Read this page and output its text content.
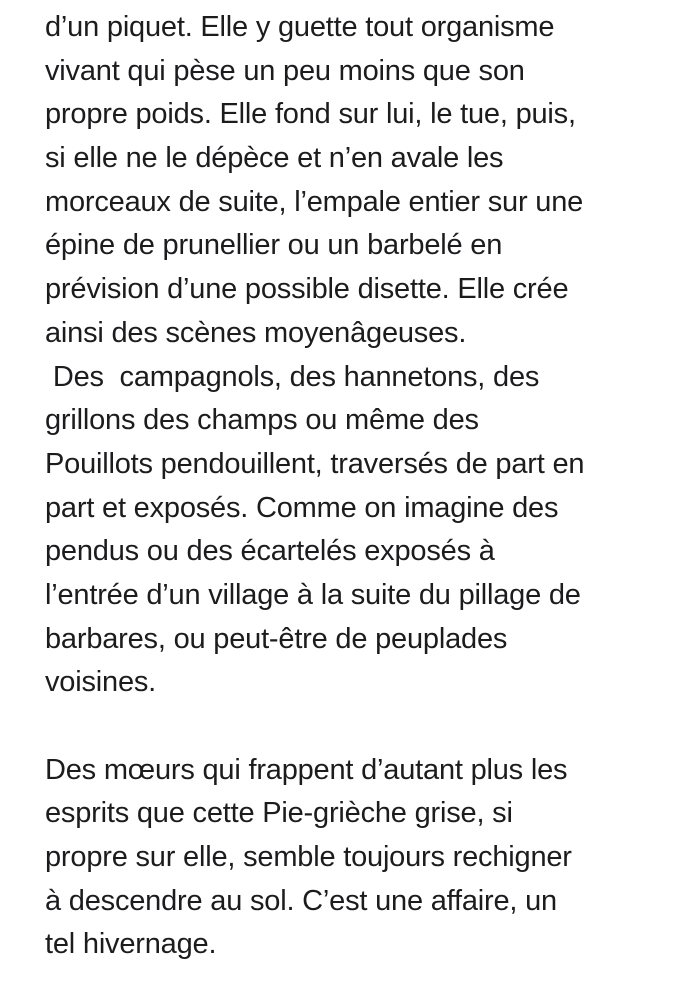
d’un piquet. Elle y guette tout organisme
vivant qui pèse un peu moins que son
propre poids. Elle fond sur lui, le tue, puis,
si elle ne le dépèce et n’en avale les
morceaux de suite, l’empale entier sur une
épine de prunellier ou un barbelé en
prévision d’une possible disette. Elle crée
ainsi des scènes moyenâgeuses.
Des  campagnols, des hannetons, des
grillons des champs ou même des
Pouillots pendouillent, traversés de part en
part et exposés. Comme on imagine des
pendus ou des écartelés exposés à
l’entrée d’un village à la suite du pillage de
barbares, ou peut-être de peuplades
voisines.
Des mœurs qui frappent d’autant plus les
esprits que cette Pie-grièche grise, si
propre sur elle, semble toujours rechigner
à descendre au sol. C’est une affaire, un
tel hivernage.
